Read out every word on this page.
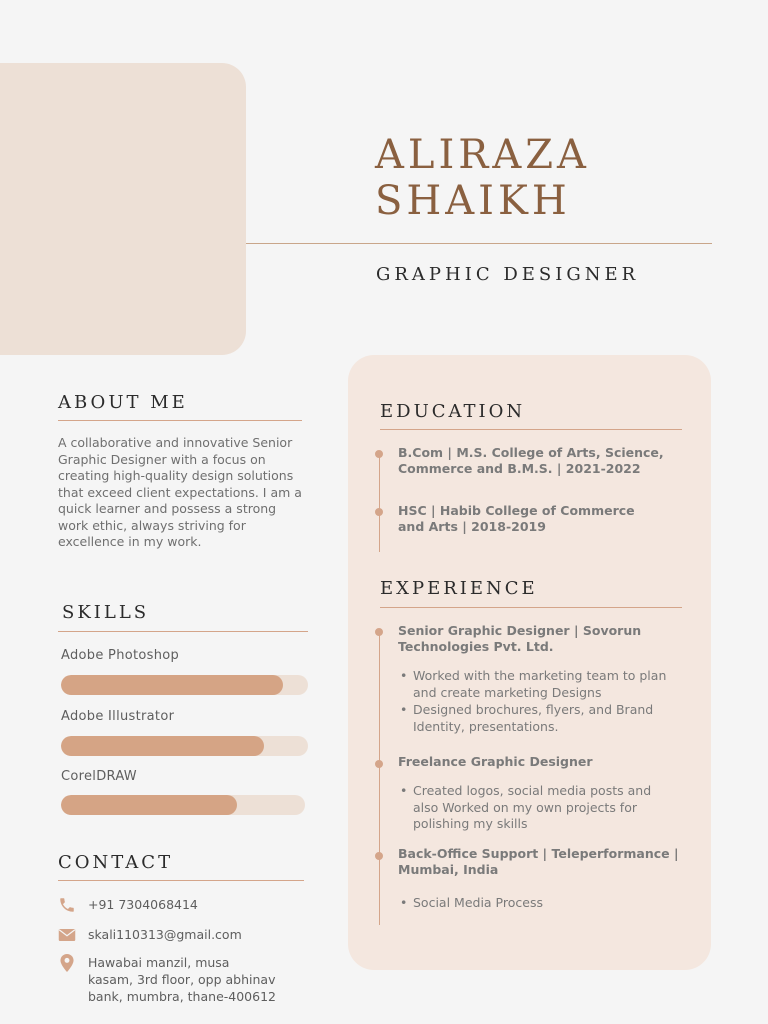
ALIRAZA
SHAIKH
GRAPHIC DESIGNER
ABOUT ME
A collaborative and innovative Senior Graphic Designer with a focus on creating high-quality design solutions that exceed client expectations. I am a quick learner and possess a strong work ethic, always striving for excellence in my work.
SKILLS
Adobe Photoshop
Adobe Illustrator
CorelDRAW
CONTACT
+91 7304068414
skali110313@gmail.com
Hawabai manzil, musa kasam, 3rd floor, opp abhinav bank, mumbra, thane-400612
EDUCATION
B.Com | M.S. College of Arts, Science, Commerce and B.M.S. | 2021-2022
HSC | Habib College of Commerce and Arts | 2018-2019
EXPERIENCE
Senior Graphic Designer | Sovorun Technologies Pvt. Ltd.
• Worked with the marketing team to plan and create marketing Designs
• Designed brochures, flyers, and Brand Identity, presentations.
Freelance Graphic Designer
• Created logos, social media posts and also Worked on my own projects for polishing my skills
Back-Office Support | Teleperformance | Mumbai, India
• Social Media Process
